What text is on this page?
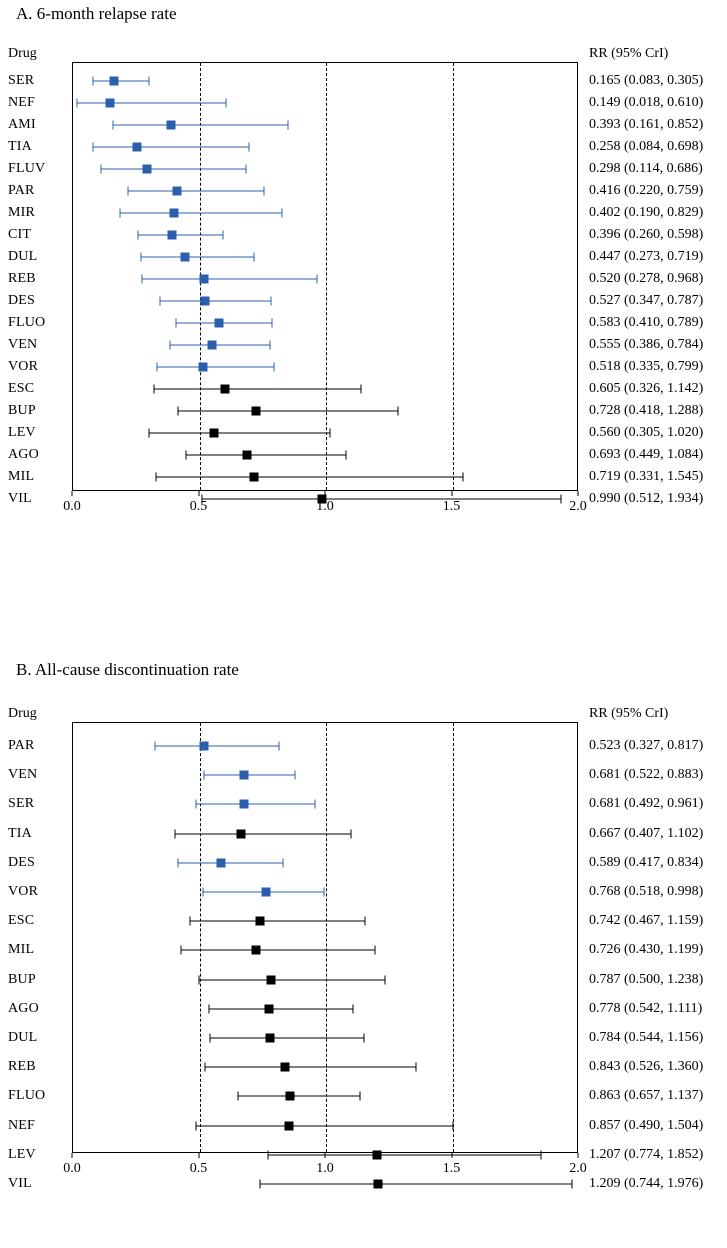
A. 6-month relapse rate
Drug	RR (95% CrI)
SER	0.165 (0.083, 0.305)
NEF	0.149 (0.018, 0.610)
AMI	0.393 (0.161, 0.852)
TIA	0.258 (0.084, 0.698)
FLUV	0.298 (0.114, 0.686)
PAR	0.416 (0.220, 0.759)
MIR	0.402 (0.190, 0.829)
CIT	0.396 (0.260, 0.598)
DUL	0.447 (0.273, 0.719)
REB	0.520 (0.278, 0.968)
DES	0.527 (0.347, 0.787)
FLUO	0.583 (0.410, 0.789)
VEN	0.555 (0.386, 0.784)
VOR	0.518 (0.335, 0.799)
ESC	0.605 (0.326, 1.142)
BUP	0.728 (0.418, 1.288)
LEV	0.560 (0.305, 1.020)
AGO	0.693 (0.449, 1.084)
MIL	0.719 (0.331, 1.545)
VIL	0.990 (0.512, 1.934)
0.0	0.5	1.0	1.5	2.0
B. All-cause discontinuation rate
Drug	RR (95% CrI)
PAR	0.523 (0.327, 0.817)
VEN	0.681 (0.522, 0.883)
SER	0.681 (0.492, 0.961)
TIA	0.667 (0.407, 1.102)
DES	0.589 (0.417, 0.834)
VOR	0.768 (0.518, 0.998)
ESC	0.742 (0.467, 1.159)
MIL	0.726 (0.430, 1.199)
BUP	0.787 (0.500, 1.238)
AGO	0.778 (0.542, 1.111)
DUL	0.784 (0.544, 1.156)
REB	0.843 (0.526, 1.360)
FLUO	0.863 (0.657, 1.137)
NEF	0.857 (0.490, 1.504)
LEV	1.207 (0.774, 1.852)
VIL	1.209 (0.744, 1.976)
0.0	0.5	1.0	1.5	2.0
